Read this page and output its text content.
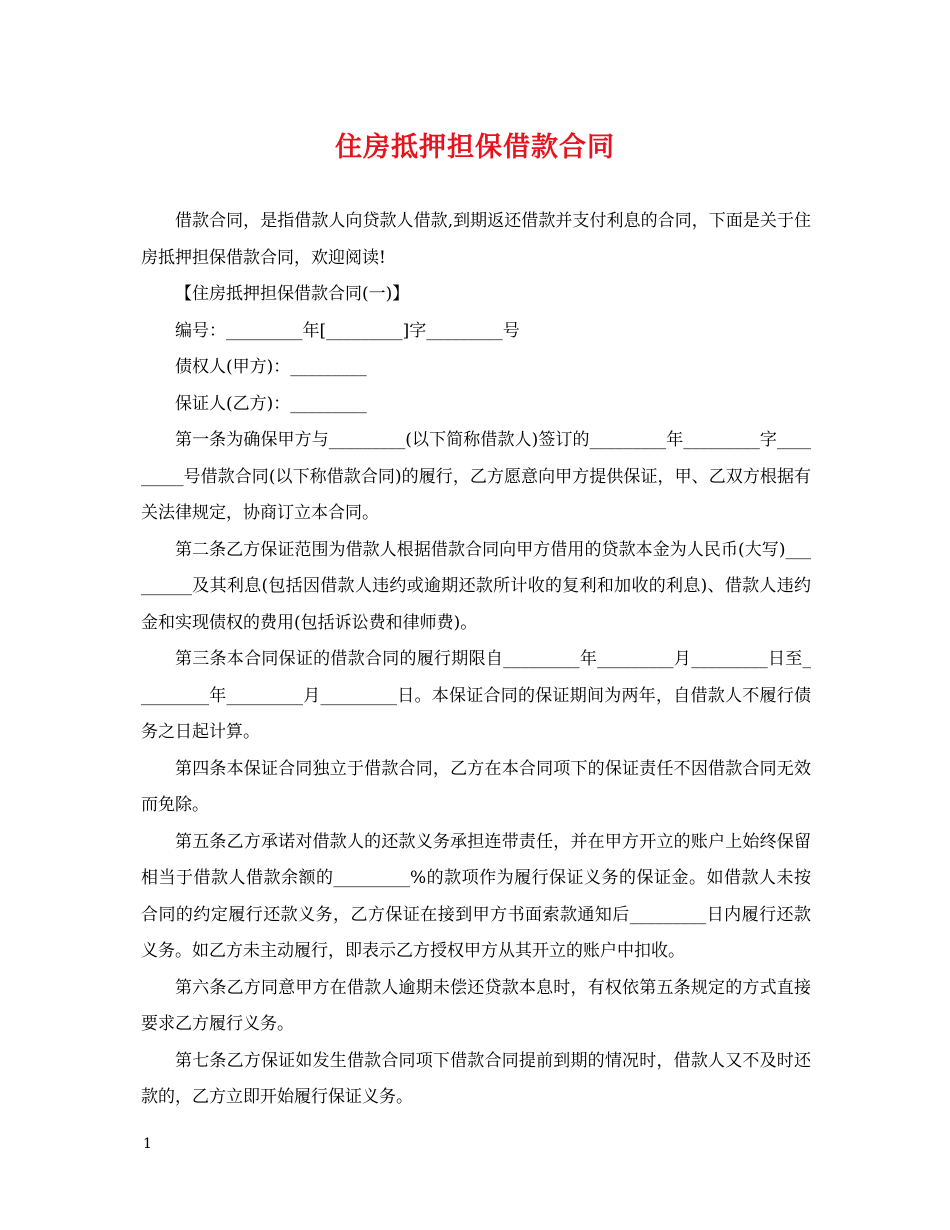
住房抵押担保借款合同

借款合同，是指借款人向贷款人借款,到期返还借款并支付利息的合同，下面是关于住房抵押担保借款合同，欢迎阅读!

【住房抵押担保借款合同(一)】

编号：_________年[_________]字_________号

债权人(甲方)：_________

保证人(乙方)：_________

第一条为确保甲方与_________(以下简称借款人)签订的_________年_________字_________号借款合同(以下称借款合同)的履行，乙方愿意向甲方提供保证，甲、乙双方根据有关法律规定，协商订立本合同。

第二条乙方保证范围为借款人根据借款合同向甲方借用的贷款本金为人民币(大写)_________及其利息(包括因借款人违约或逾期还款所计收的复利和加收的利息)、借款人违约金和实现债权的费用(包括诉讼费和律师费)。

第三条本合同保证的借款合同的履行期限自_________年_________月_________日至_________年_________月_________日。本保证合同的保证期间为两年，自借款人不履行债务之日起计算。

第四条本保证合同独立于借款合同，乙方在本合同项下的保证责任不因借款合同无效而免除。

第五条乙方承诺对借款人的还款义务承担连带责任，并在甲方开立的账户上始终保留相当于借款人借款余额的_________%的款项作为履行保证义务的保证金。如借款人未按合同的约定履行还款义务，乙方保证在接到甲方书面索款通知后_________日内履行还款义务。如乙方未主动履行，即表示乙方授权甲方从其开立的账户中扣收。

第六条乙方同意甲方在借款人逾期未偿还贷款本息时，有权依第五条规定的方式直接要求乙方履行义务。

第七条乙方保证如发生借款合同项下借款合同提前到期的情况时，借款人又不及时还款的，乙方立即开始履行保证义务。

1
